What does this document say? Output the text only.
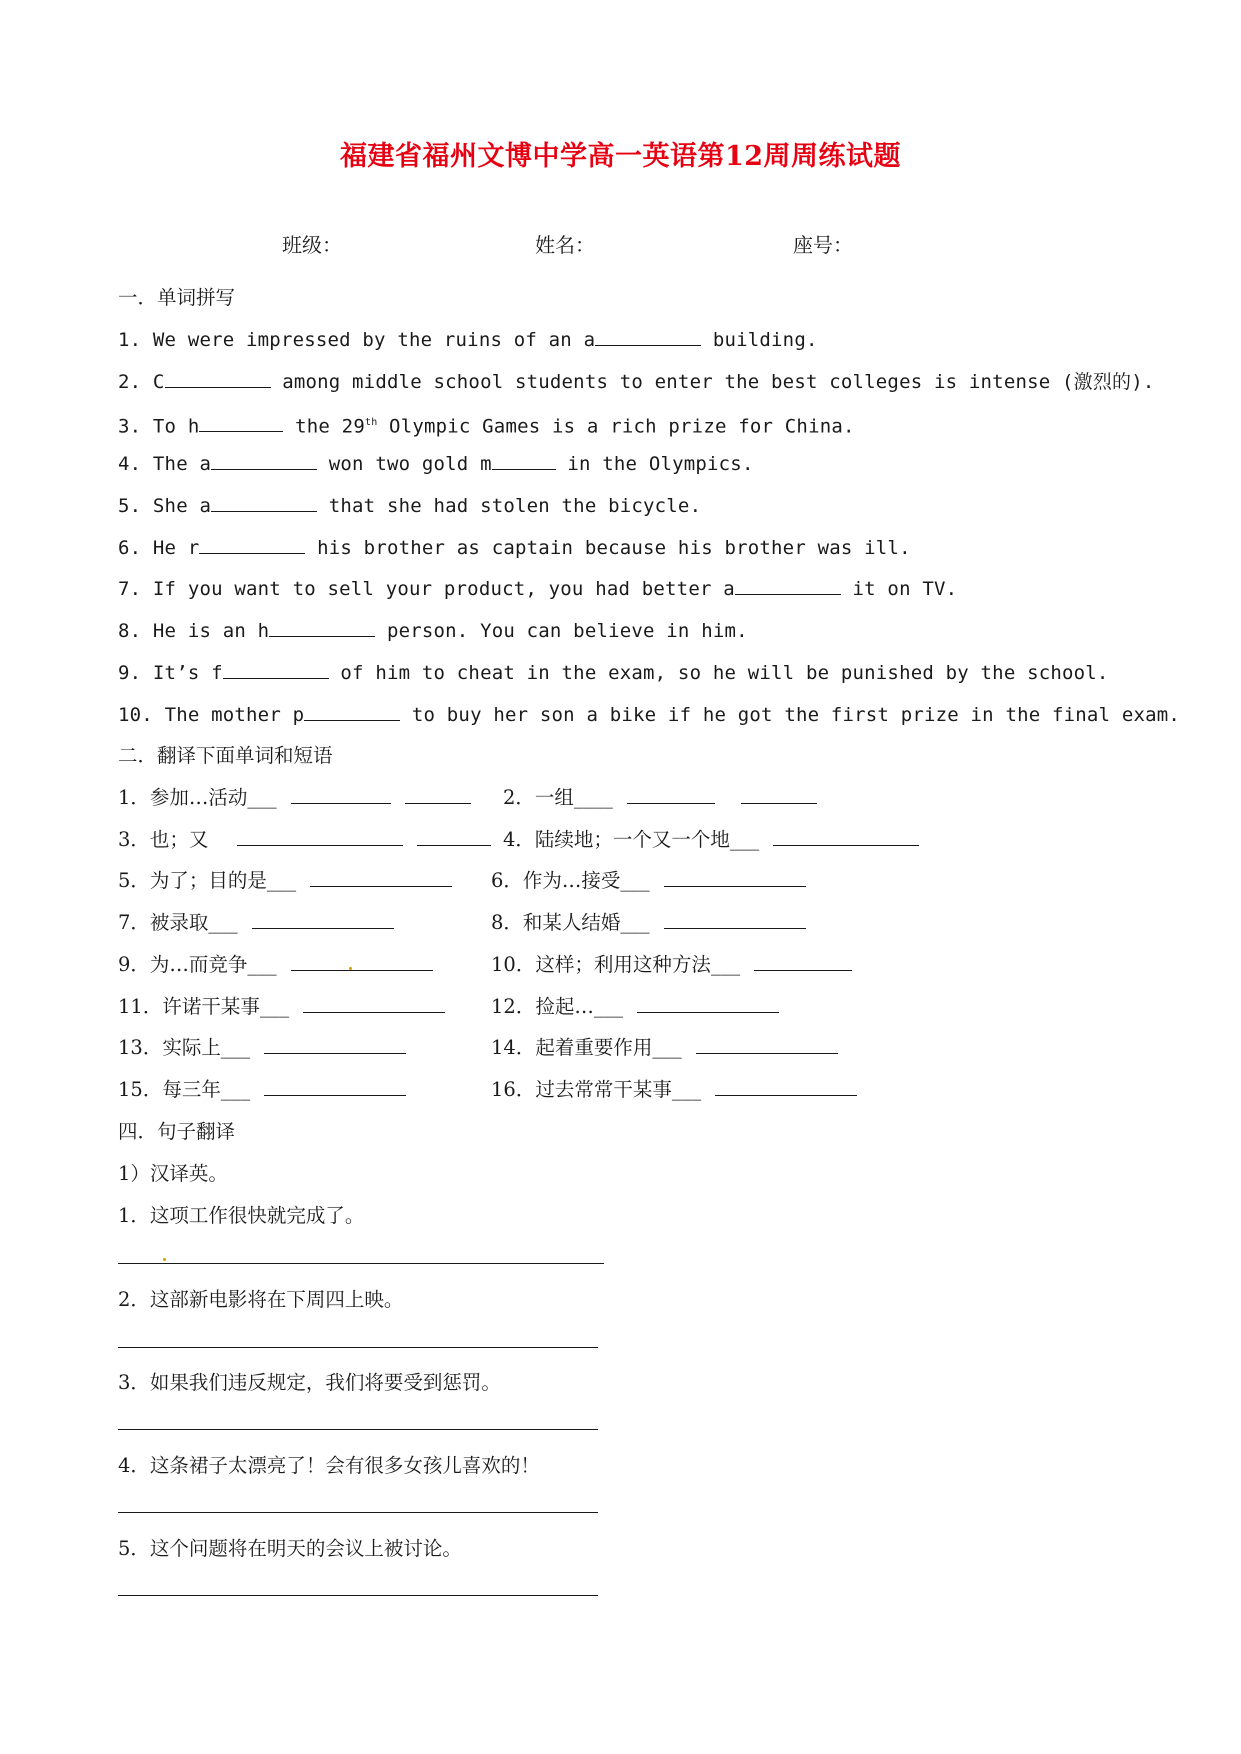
福建省福州文博中学高一英语第12周周练试题
班级：	姓名：	座号：
一．单词拼写
1. We were impressed by the ruins of an a	building.
2. C	among middle school students to enter the best colleges is intense (激烈的).
3. To h	the 29th Olympic Games is a rich prize for China.
4. The a	won two gold m	in the Olympics.
5. She a	that she had stolen the bicycle.
6. He r	his brother as captain because his brother was ill.
7. If you want to sell your product, you had better a	it on TV.
8. He is an h	person. You can believe in him.
9. It’s f	of him to cheat in the exam, so he will be punished by the school.
10. The mother p	to buy her son a bike if he got the first prize in the final exam.
二．翻译下面单词和短语
1．参加…活动___	2．一组____
3．也；又	4．陆续地；一个又一个地___
5．为了；目的是___	6．作为…接受___
7．被录取___	8．和某人结婚___
9．为…而竞争___	10．这样；利用这种方法___
11．许诺干某事___	12．捡起…___
13．实际上___	14．起着重要作用___
15．每三年___	16．过去常常干某事___
四．句子翻译
1）汉译英。
1．这项工作很快就完成了。
2．这部新电影将在下周四上映。
3．如果我们违反规定，我们将要受到惩罚。
4．这条裙子太漂亮了！会有很多女孩儿喜欢的！
5．这个问题将在明天的会议上被讨论。
